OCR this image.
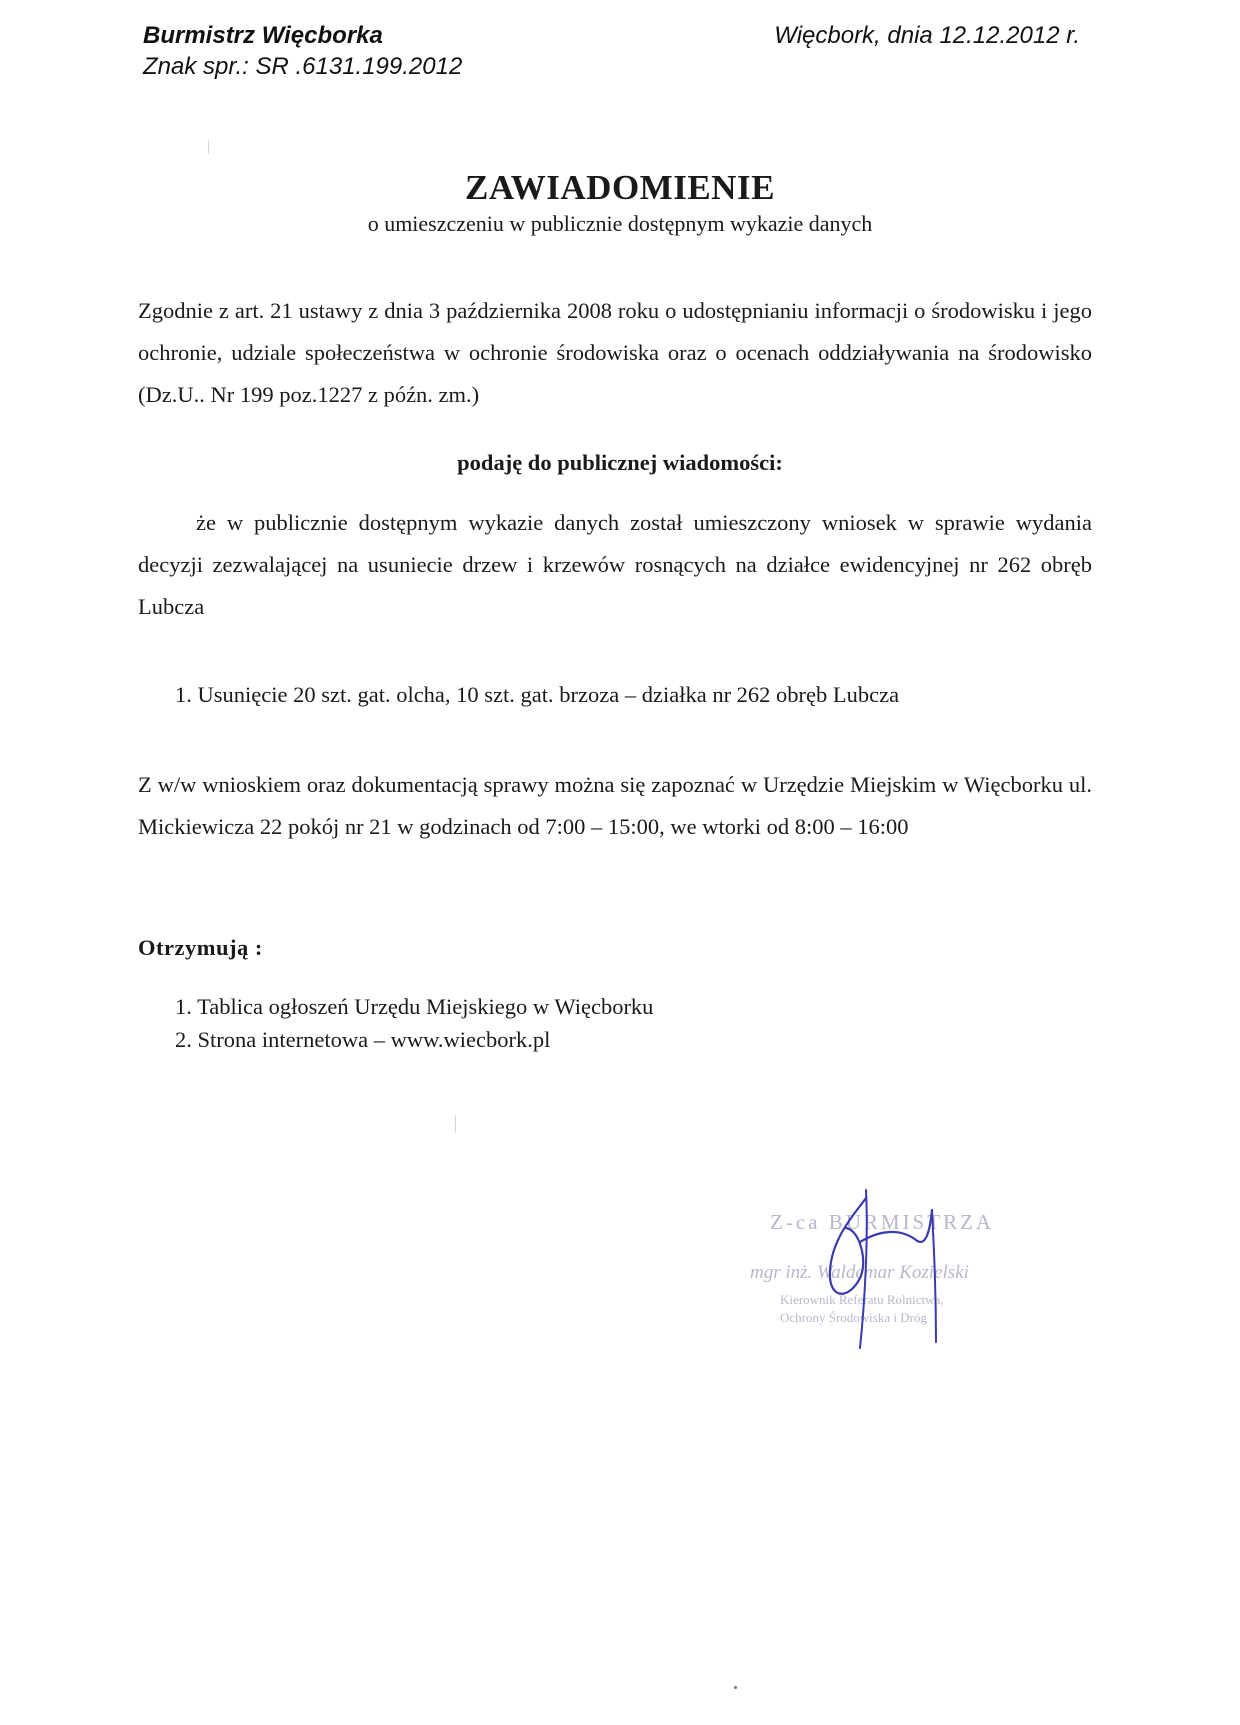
Burmistrz Więcborka
Znak spr.: SR .6131.199.2012
Więcbork, dnia 12.12.2012 r.
ZAWIADOMIENIE
o umieszczeniu w publicznie dostępnym wykazie danych
Zgodnie z art. 21 ustawy z dnia 3 października 2008 roku o udostępnianiu informacji o środowisku i jego ochronie, udziale społeczeństwa w ochronie środowiska oraz o ocenach oddziaływania na środowisko (Dz.U.. Nr 199 poz.1227 z późn. zm.)
podaję do publicznej wiadomości:
że w publicznie dostępnym wykazie danych został umieszczony wniosek w sprawie wydania decyzji zezwalającej na usuniecie drzew i krzewów rosnących na działce ewidencyjnej nr 262 obręb Lubcza
1. Usunięcie 20 szt. gat. olcha, 10 szt. gat. brzoza – działka nr 262 obręb Lubcza
Z w/w wnioskiem oraz dokumentacją sprawy można się zapoznać w Urzędzie Miejskim w Więcborku ul. Mickiewicza 22 pokój nr 21 w godzinach od 7:00 – 15:00, we wtorki od 8:00 – 16:00
Otrzymują :
1. Tablica ogłoszeń Urzędu Miejskiego w Więcborku
2. Strona internetowa – www.wiecbork.pl
Z-ca BURMISTRZA
mgr inż. Waldemar Kozielski
Kierownik Referatu Rolnictwa,
Ochrony Środowiska i Dróg
